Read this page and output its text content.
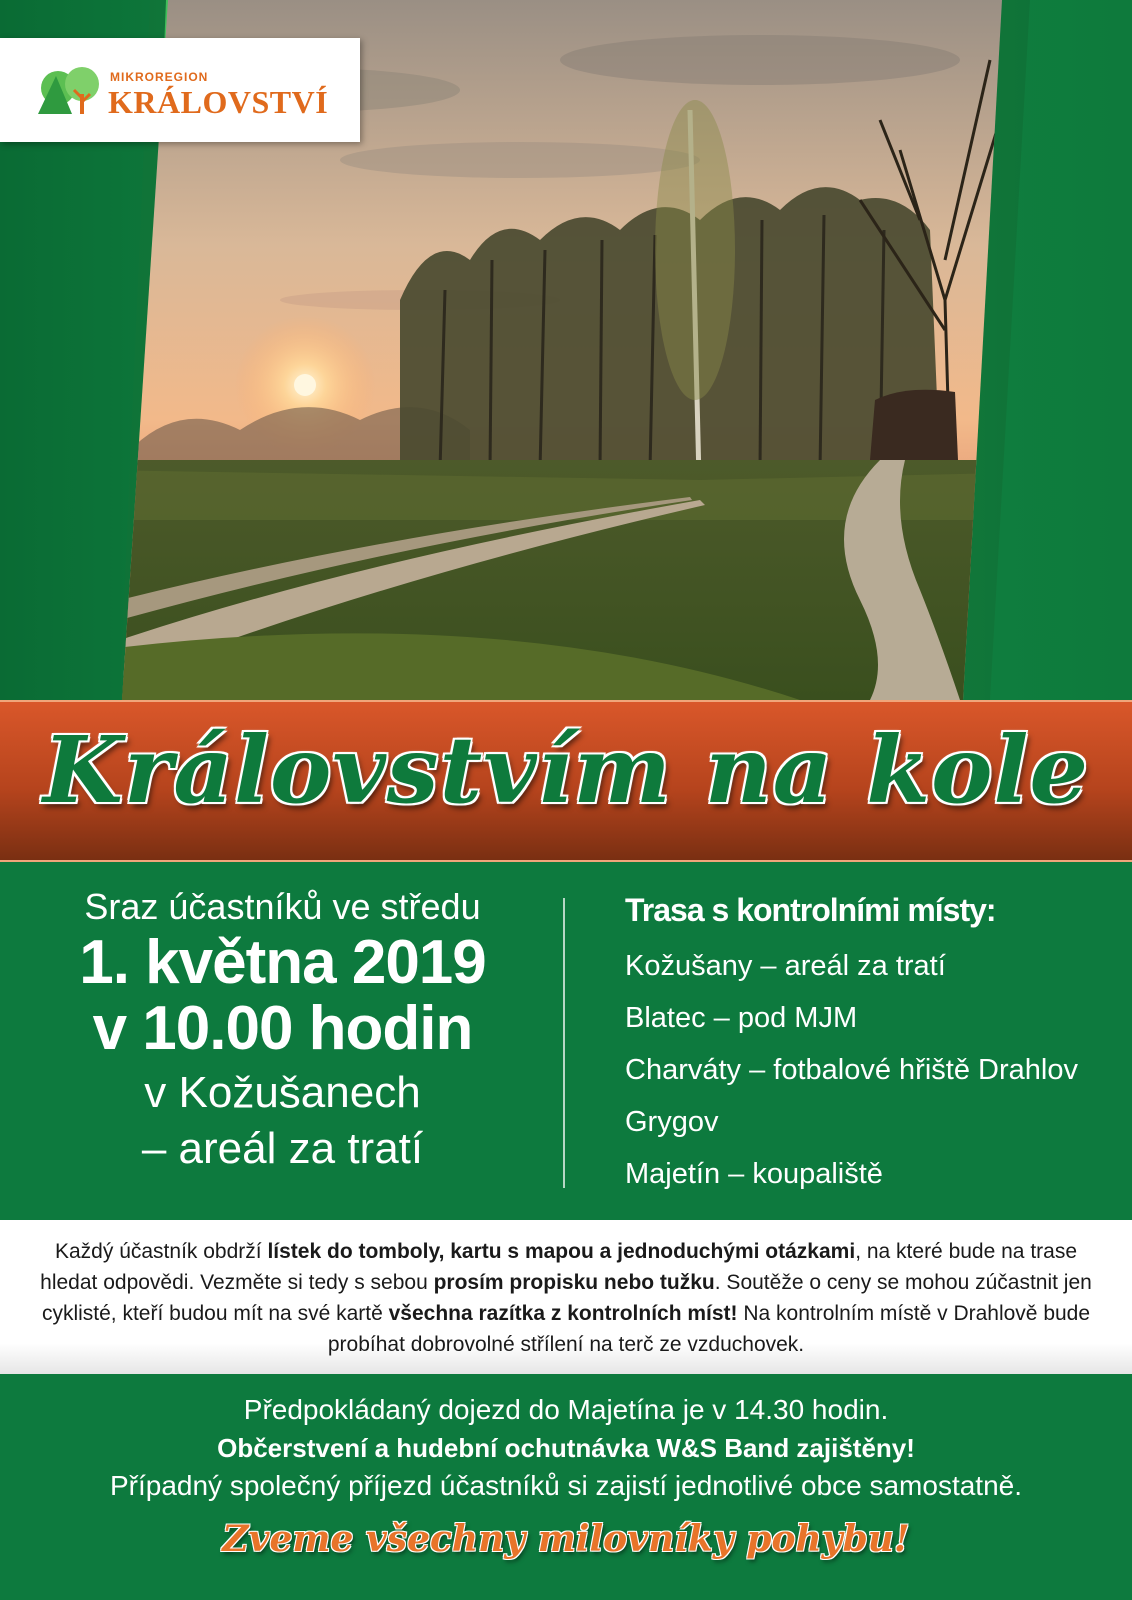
MIKROREGION
KRÁLOVSTVÍ
Královstvím na kole
Sraz účastníků ve středu
1. května 2019
v 10.00 hodin
v Kožušanech
– areál za tratí
Trasa s kontrolními místy:
Kožušany – areál za tratí
Blatec – pod MJM
Charváty – fotbalové hřiště Drahlov
Grygov
Majetín – koupaliště
Každý účastník obdrží lístek do tomboly, kartu s mapou a jednoduchými otázkami, na které bude na trase hledat odpovědi. Vezměte si tedy s sebou prosím propisku nebo tužku. Soutěže o ceny se mohou zúčastnit jen cyklisté, kteří budou mít na své kartě všechna razítka z kontrolních míst! Na kontrolním místě v Drahlově bude probíhat dobrovolné střílení na terč ze vzduchovek.
Předpokládaný dojezd do Majetína je v 14.30 hodin.
Občerstvení a hudební ochutnávka W&S Band zajištěny!
Případný společný příjezd účastníků si zajistí jednotlivé obce samostatně.
Zveme všechny milovníky pohybu!
